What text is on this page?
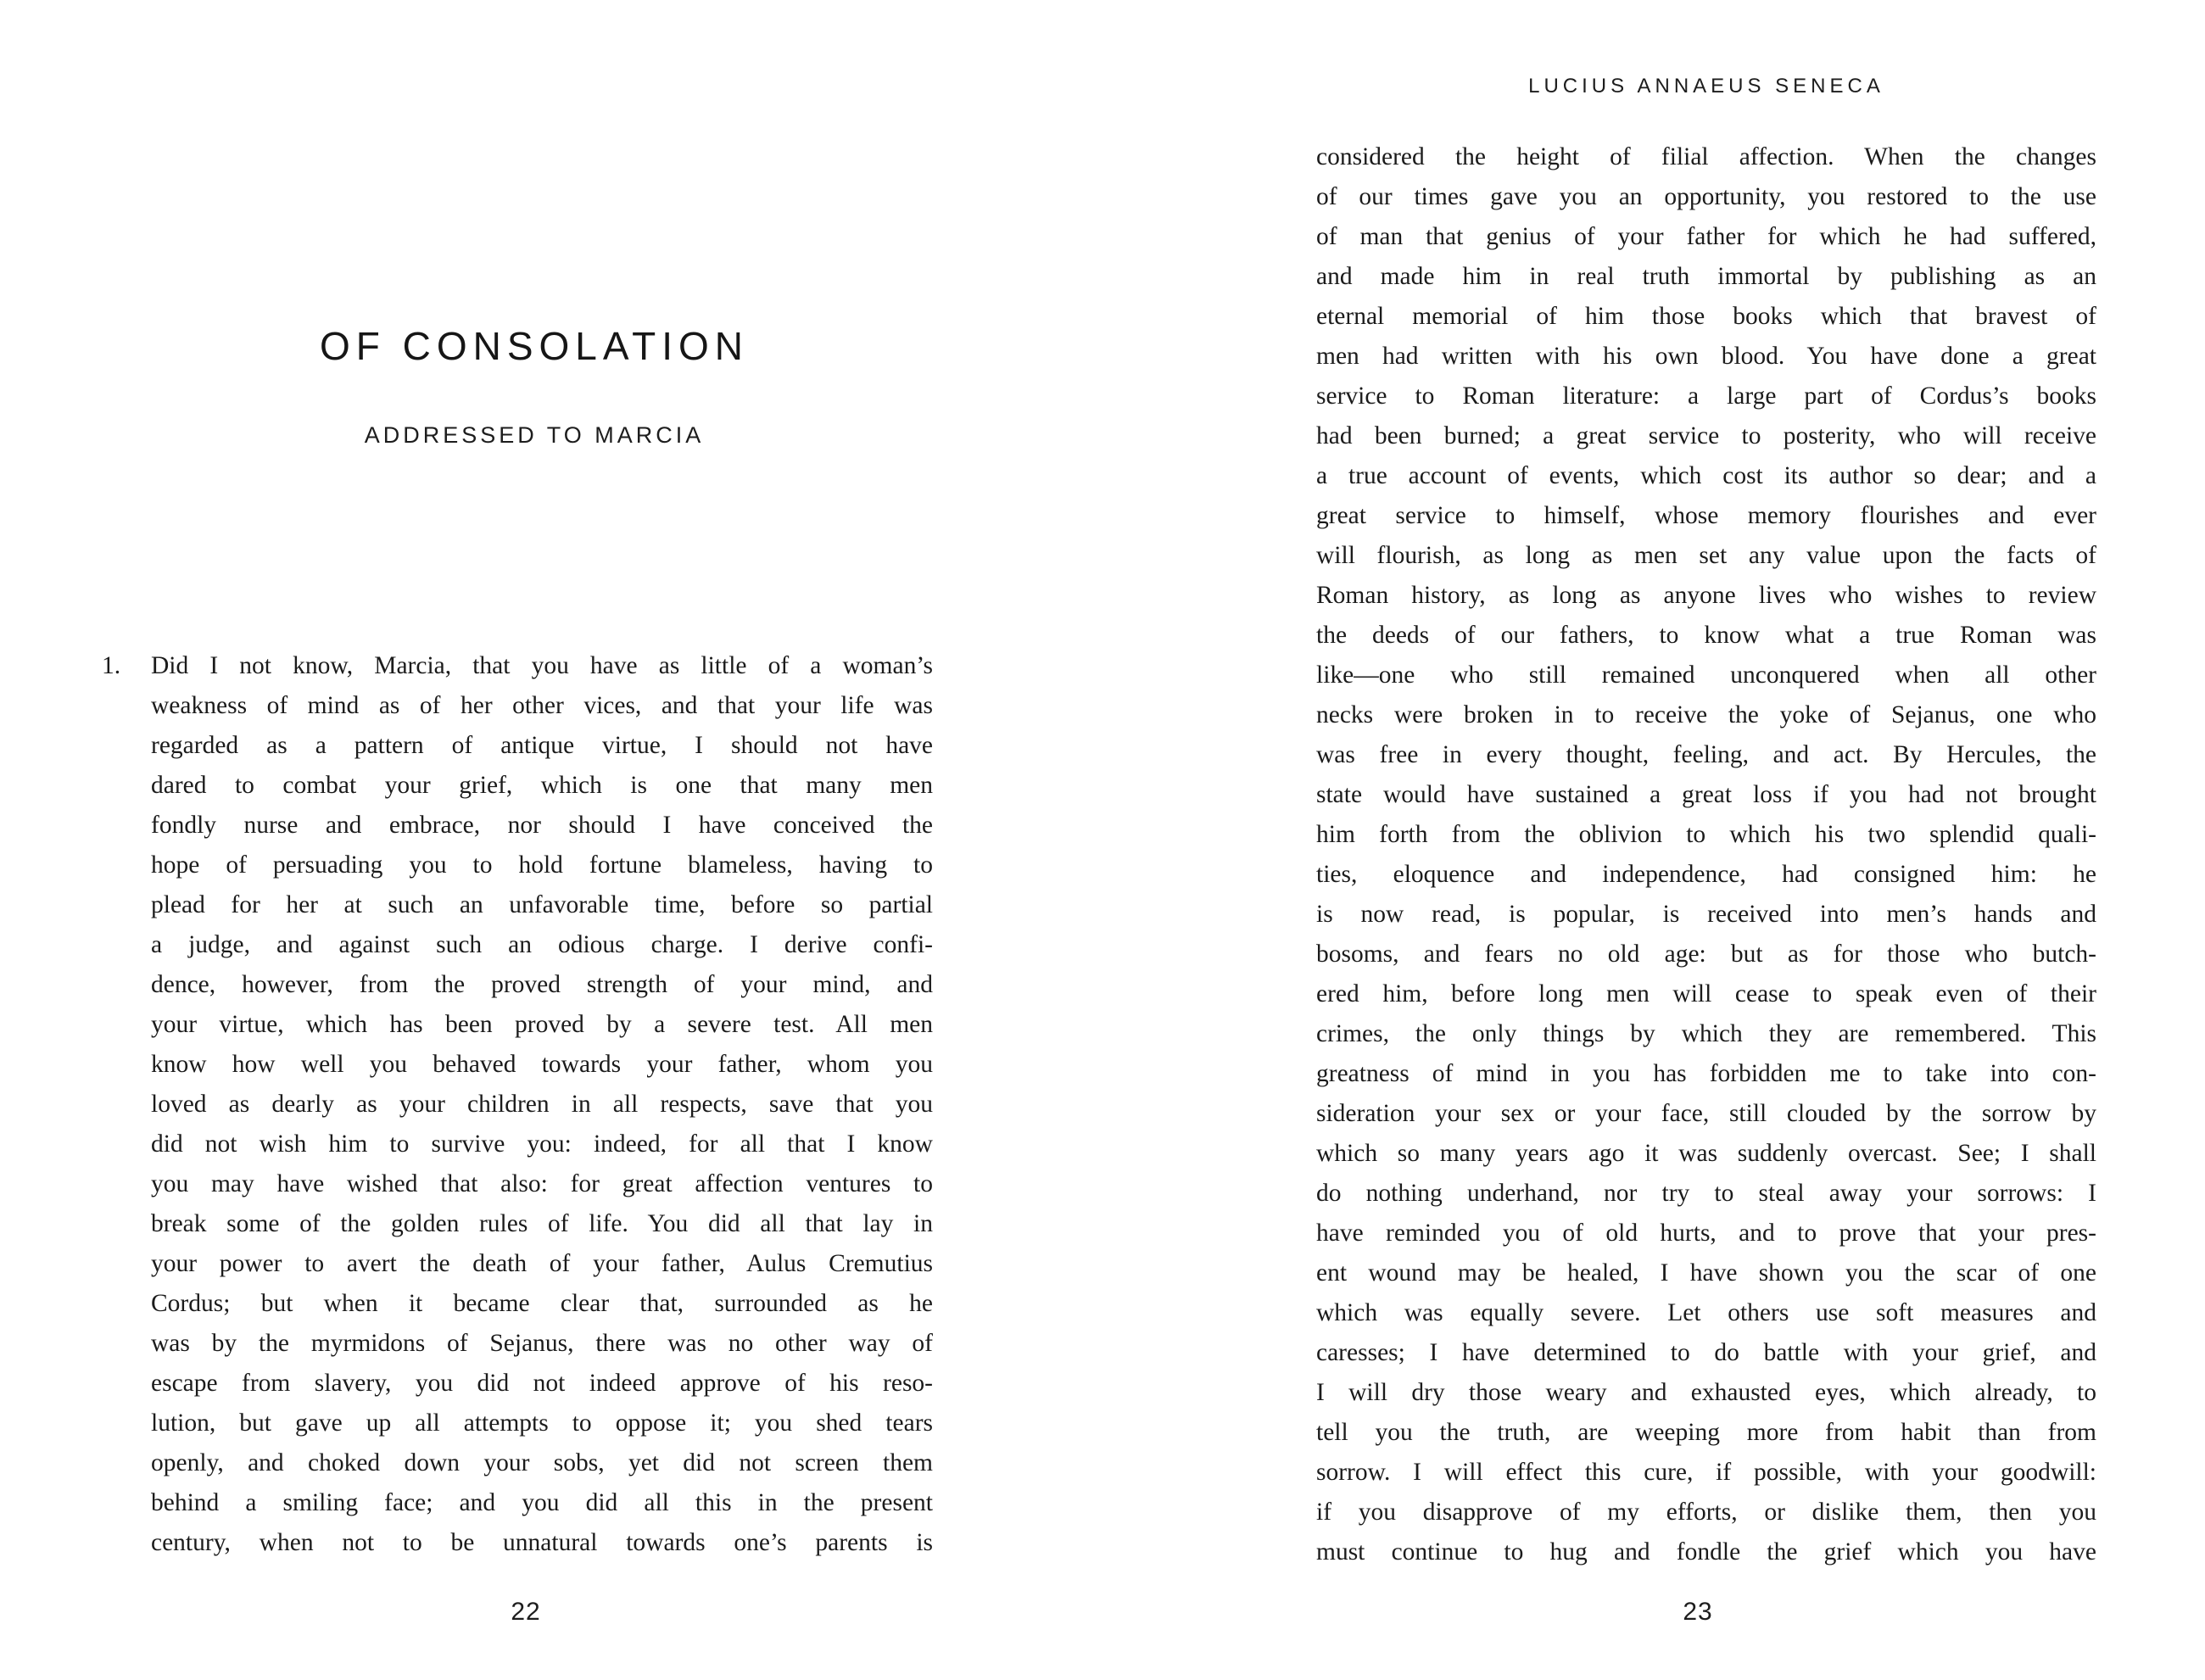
OF CONSOLATION
ADDRESSED TO MARCIA
1. Did I not know, Marcia, that you have as little of a woman’s
weakness of mind as of her other vices, and that your life was
regarded as a pattern of antique virtue, I should not have
dared to combat your grief, which is one that many men
fondly nurse and embrace, nor should I have conceived the
hope of persuading you to hold fortune blameless, having to
plead for her at such an unfavorable time, before so partial
a judge, and against such an odious charge. I derive confi-
dence, however, from the proved strength of your mind, and
your virtue, which has been proved by a severe test. All men
know how well you behaved towards your father, whom you
loved as dearly as your children in all respects, save that you
did not wish him to survive you: indeed, for all that I know
you may have wished that also: for great affection ventures to
break some of the golden rules of life. You did all that lay in
your power to avert the death of your father, Aulus Cremutius
Cordus; but when it became clear that, surrounded as he
was by the myrmidons of Sejanus, there was no other way of
escape from slavery, you did not indeed approve of his reso-
lution, but gave up all attempts to oppose it; you shed tears
openly, and choked down your sobs, yet did not screen them
behind a smiling face; and you did all this in the present
century, when not to be unnatural towards one’s parents is
22
LUCIUS ANNAEUS SENECA
considered the height of filial affection. When the changes
of our times gave you an opportunity, you restored to the use
of man that genius of your father for which he had suffered,
and made him in real truth immortal by publishing as an
eternal memorial of him those books which that bravest of
men had written with his own blood. You have done a great
service to Roman literature: a large part of Cordus’s books
had been burned; a great service to posterity, who will receive
a true account of events, which cost its author so dear; and a
great service to himself, whose memory flourishes and ever
will flourish, as long as men set any value upon the facts of
Roman history, as long as anyone lives who wishes to review
the deeds of our fathers, to know what a true Roman was
like—one who still remained unconquered when all other
necks were broken in to receive the yoke of Sejanus, one who
was free in every thought, feeling, and act. By Hercules, the
state would have sustained a great loss if you had not brought
him forth from the oblivion to which his two splendid quali-
ties, eloquence and independence, had consigned him: he
is now read, is popular, is received into men’s hands and
bosoms, and fears no old age: but as for those who butch-
ered him, before long men will cease to speak even of their
crimes, the only things by which they are remembered. This
greatness of mind in you has forbidden me to take into con-
sideration your sex or your face, still clouded by the sorrow by
which so many years ago it was suddenly overcast. See; I shall
do nothing underhand, nor try to steal away your sorrows: I
have reminded you of old hurts, and to prove that your pres-
ent wound may be healed, I have shown you the scar of one
which was equally severe. Let others use soft measures and
caresses; I have determined to do battle with your grief, and
I will dry those weary and exhausted eyes, which already, to
tell you the truth, are weeping more from habit than from
sorrow. I will effect this cure, if possible, with your goodwill:
if you disapprove of my efforts, or dislike them, then you
must continue to hug and fondle the grief which you have
23
